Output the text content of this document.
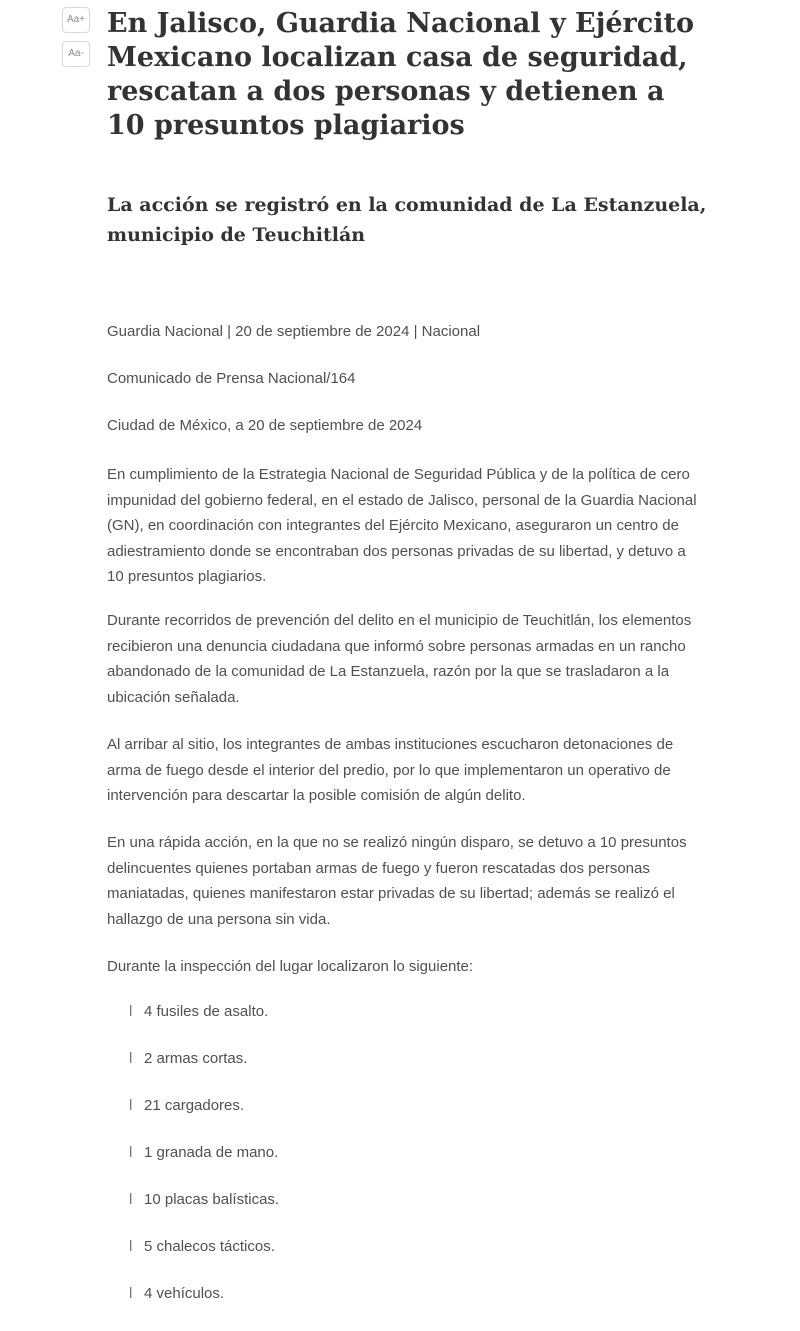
Aa+
Aa-
En Jalisco, Guardia Nacional y Ejército Mexicano localizan casa de seguridad, rescatan a dos personas y detienen a 10 presuntos plagiarios
La acción se registró en la comunidad de La Estanzuela, municipio de Teuchitlán

Guardia Nacional | 20 de septiembre de 2024 | Nacional

Comunicado de Prensa Nacional/164

Ciudad de México, a 20 de septiembre de 2024

En cumplimiento de la Estrategia Nacional de Seguridad Pública y de la política de cero impunidad del gobierno federal, en el estado de Jalisco, personal de la Guardia Nacional (GN), en coordinación con integrantes del Ejército Mexicano, aseguraron un centro de adiestramiento donde se encontraban dos personas privadas de su libertad, y detuvo a 10 presuntos plagiarios.

Durante recorridos de prevención del delito en el municipio de Teuchitlán, los elementos recibieron una denuncia ciudadana que informó sobre personas armadas en un rancho abandonado de la comunidad de La Estanzuela, razón por la que se trasladaron a la ubicación señalada.

Al arribar al sitio, los integrantes de ambas instituciones escucharon detonaciones de arma de fuego desde el interior del predio, por lo que implementaron un operativo de intervención para descartar la posible comisión de algún delito.

En una rápida acción, en la que no se realizó ningún disparo, se detuvo a 10 presuntos delincuentes quienes portaban armas de fuego y fueron rescatadas dos personas maniatadas, quienes manifestaron estar privadas de su libertad; además se realizó el hallazgo de una persona sin vida.

Durante la inspección del lugar localizaron lo siguiente:

l 4 fusiles de asalto.
l 2 armas cortas.
l 21 cargadores.
l 1 granada de mano.
l 10 placas balísticas.
l 5 chalecos tácticos.
l 4 vehículos.
